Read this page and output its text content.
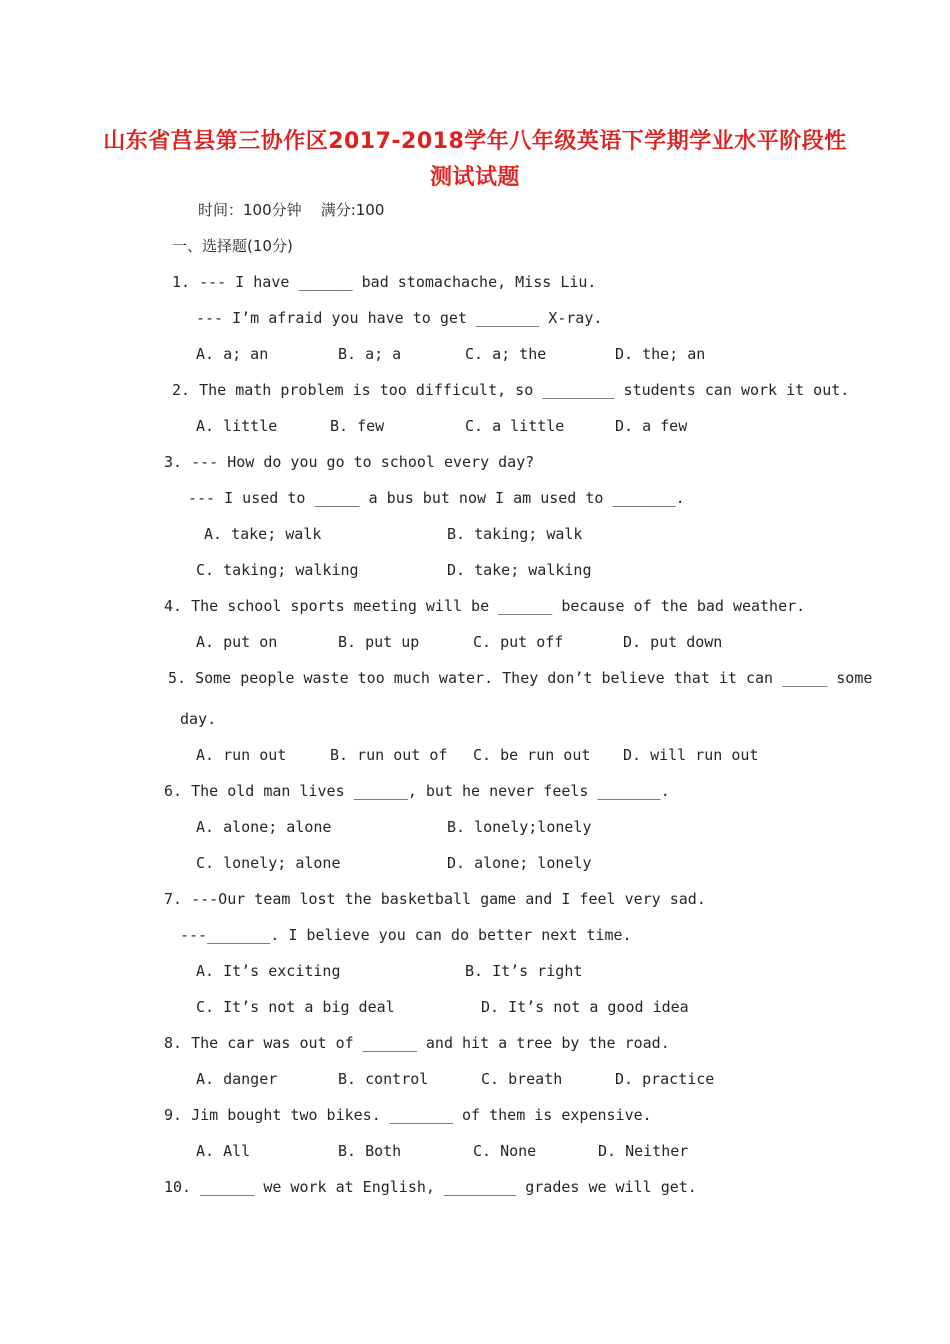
山东省莒县第三协作区2017-2018学年八年级英语下学期学业水平阶段性
测试试题
时间：100分钟    满分:100
一、选择题(10分)
1. --- I have ______ bad stomachache, Miss Liu.
--- I’m afraid you have to get _______ X-ray.
A. a; an	B. a; a	C. a; the	D. the; an
2. The math problem is too difficult, so ________ students can work it out.
A. little	B. few	C. a little	D. a few
3. --- How do you go to school every day?
--- I used to _____ a bus but now I am used to _______.
A. take; walk	B. taking; walk
C. taking; walking	D. take; walking
4. The school sports meeting will be ______ because of the bad weather.
A. put on	B. put up	C. put off	D. put down
5. Some people waste too much water. They don’t believe that it can _____ some
day.
A. run out	B. run out of C. be run out D. will run out
6. The old man lives ______, but he never feels _______.
A. alone; alone	B. lonely;lonely
C. lonely; alone	D. alone; lonely
7. ---Our team lost the basketball game and I feel very sad.
---_______. I believe you can do better next time.
A. It’s exciting	B. It’s right
C. It’s not a big deal	D. It’s not a good idea
8. The car was out of ______ and hit a tree by the road.
A. danger	B. control	C. breath	D. practice
9. Jim bought two bikes. _______ of them is expensive.
A. All	B. Both	C. None	D. Neither
10. ______ we work at English, ________ grades we will get.
